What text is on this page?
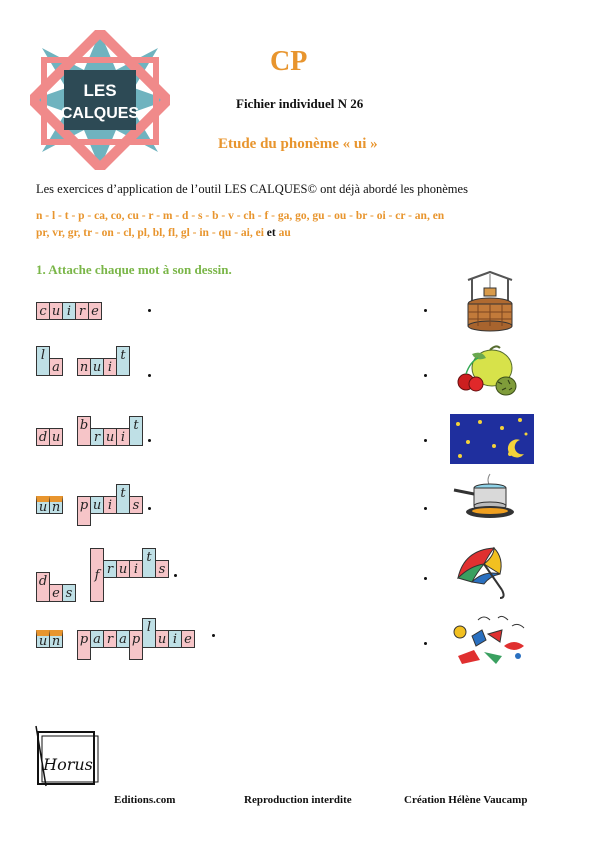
LES
CALQUES
CP
Fichier individuel N 26
Etude du phonème « ui »
Les exercices d’application de l’outil LES CALQUES© ont déjà abordé les phonèmes
n - l - t - p - ca, co, cu - r - m - d - s - b - v - ch - f - ga, go, gu - ou - br - oi - cr - an, en
pr, vr, gr, tr - on - cl, pl, bl, fl, gl - in - qu - ai, ei et au
1. Attache chaque mot à son dessin.
c u i r e
l
a n u i
t
d u
b
r u i
t
u n p u i
t
s
d
e s
f r u i
t
s
u n p a r a p
l
u i e
Horus
Editions.com	Reproduction interdite	Création Hélène Vaucamp
